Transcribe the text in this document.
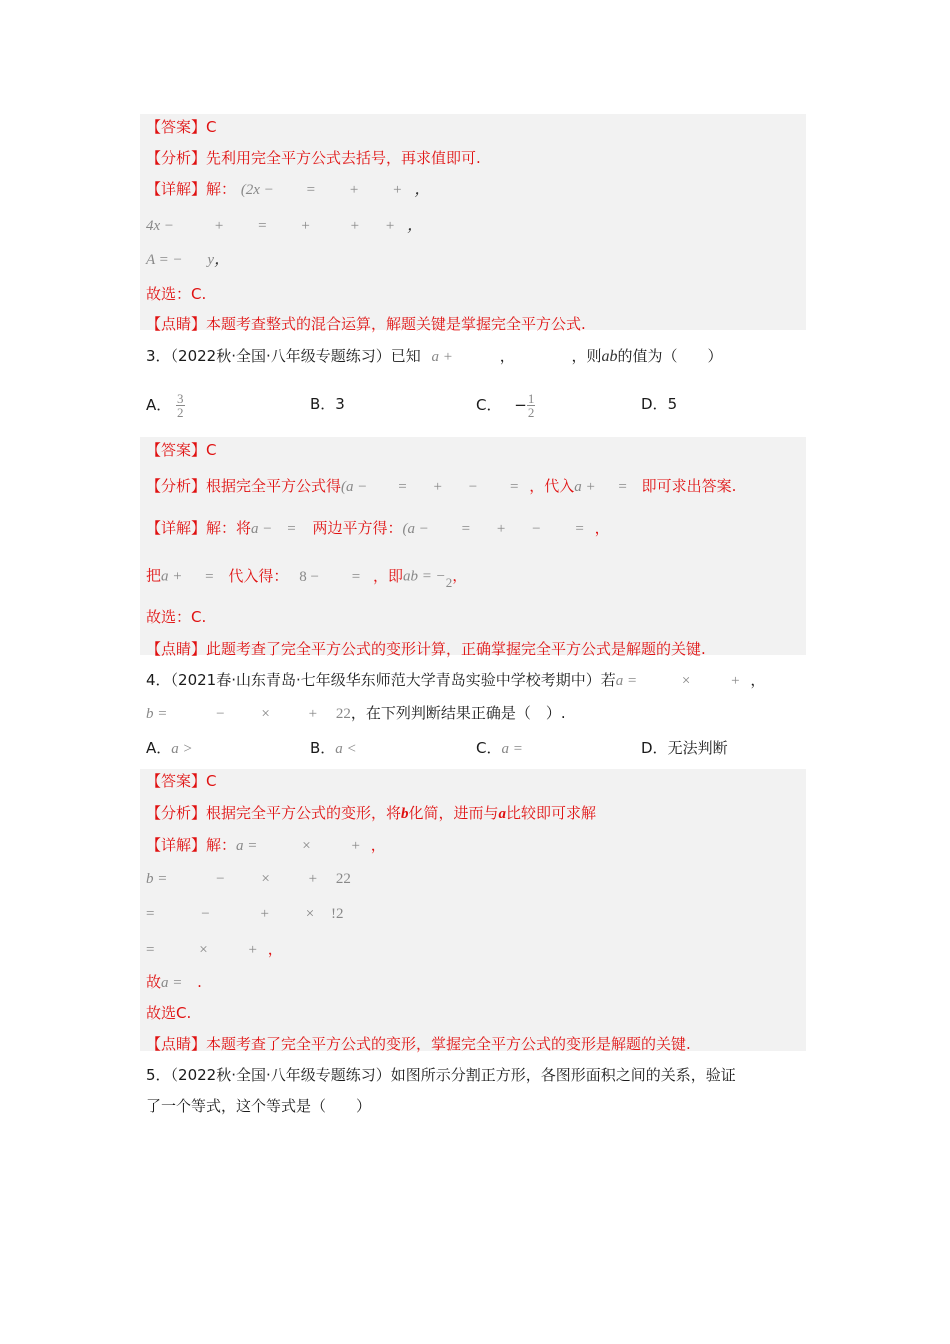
【答案】C
【分析】先利用完全平方公式去括号，再求值即可.
【详解】解： (2x − = + + ，
4x −	+ = +	+ + ，
A = − y，
故选：C.
【点睛】本题考查整式的混合运算，解题关键是掌握完全平方公式.
3．（2022秋·全国·八年级专题练习）已知 a +	，	，则ab的值为（　　）
A． $\frac{3}{2}$	B．3	C． − $\frac{1}{2}$	D．5
【答案】C
【分析】根据完全平方公式得(a − = + − = ，代入a + = 即可求出答案.
【详解】解：将a − = 两边平方得：(a − = + − = ，
把a + = 代入得： 8 − = ，即ab = −
2 ，
故选：C.
【点睛】此题考查了完全平方公式的变形计算，正确掌握完全平方公式是解题的关键.
4．（2021春·山东青岛·七年级华东师范大学青岛实验中学校考期中）若a =	×	+ ，
b =	− ×	+ 22，在下列判断结果正确是（　）.
A．a >	B．a <	C．a =	D．无法判断
【答案】C
【分析】根据完全平方公式的变形，将b化简，进而与a比较即可求解
【详解】解：a =	×	+ ，
b =	− ×	+ 22
=	−	+ × !2
=	×	+ ，
故a = .
故选C.
【点睛】本题考查了完全平方公式的变形，掌握完全平方公式的变形是解题的关键.
5．（2022秋·全国·八年级专题练习）如图所示分割正方形，各图形面积之间的关系，验证
了一个等式，这个等式是（　　）
